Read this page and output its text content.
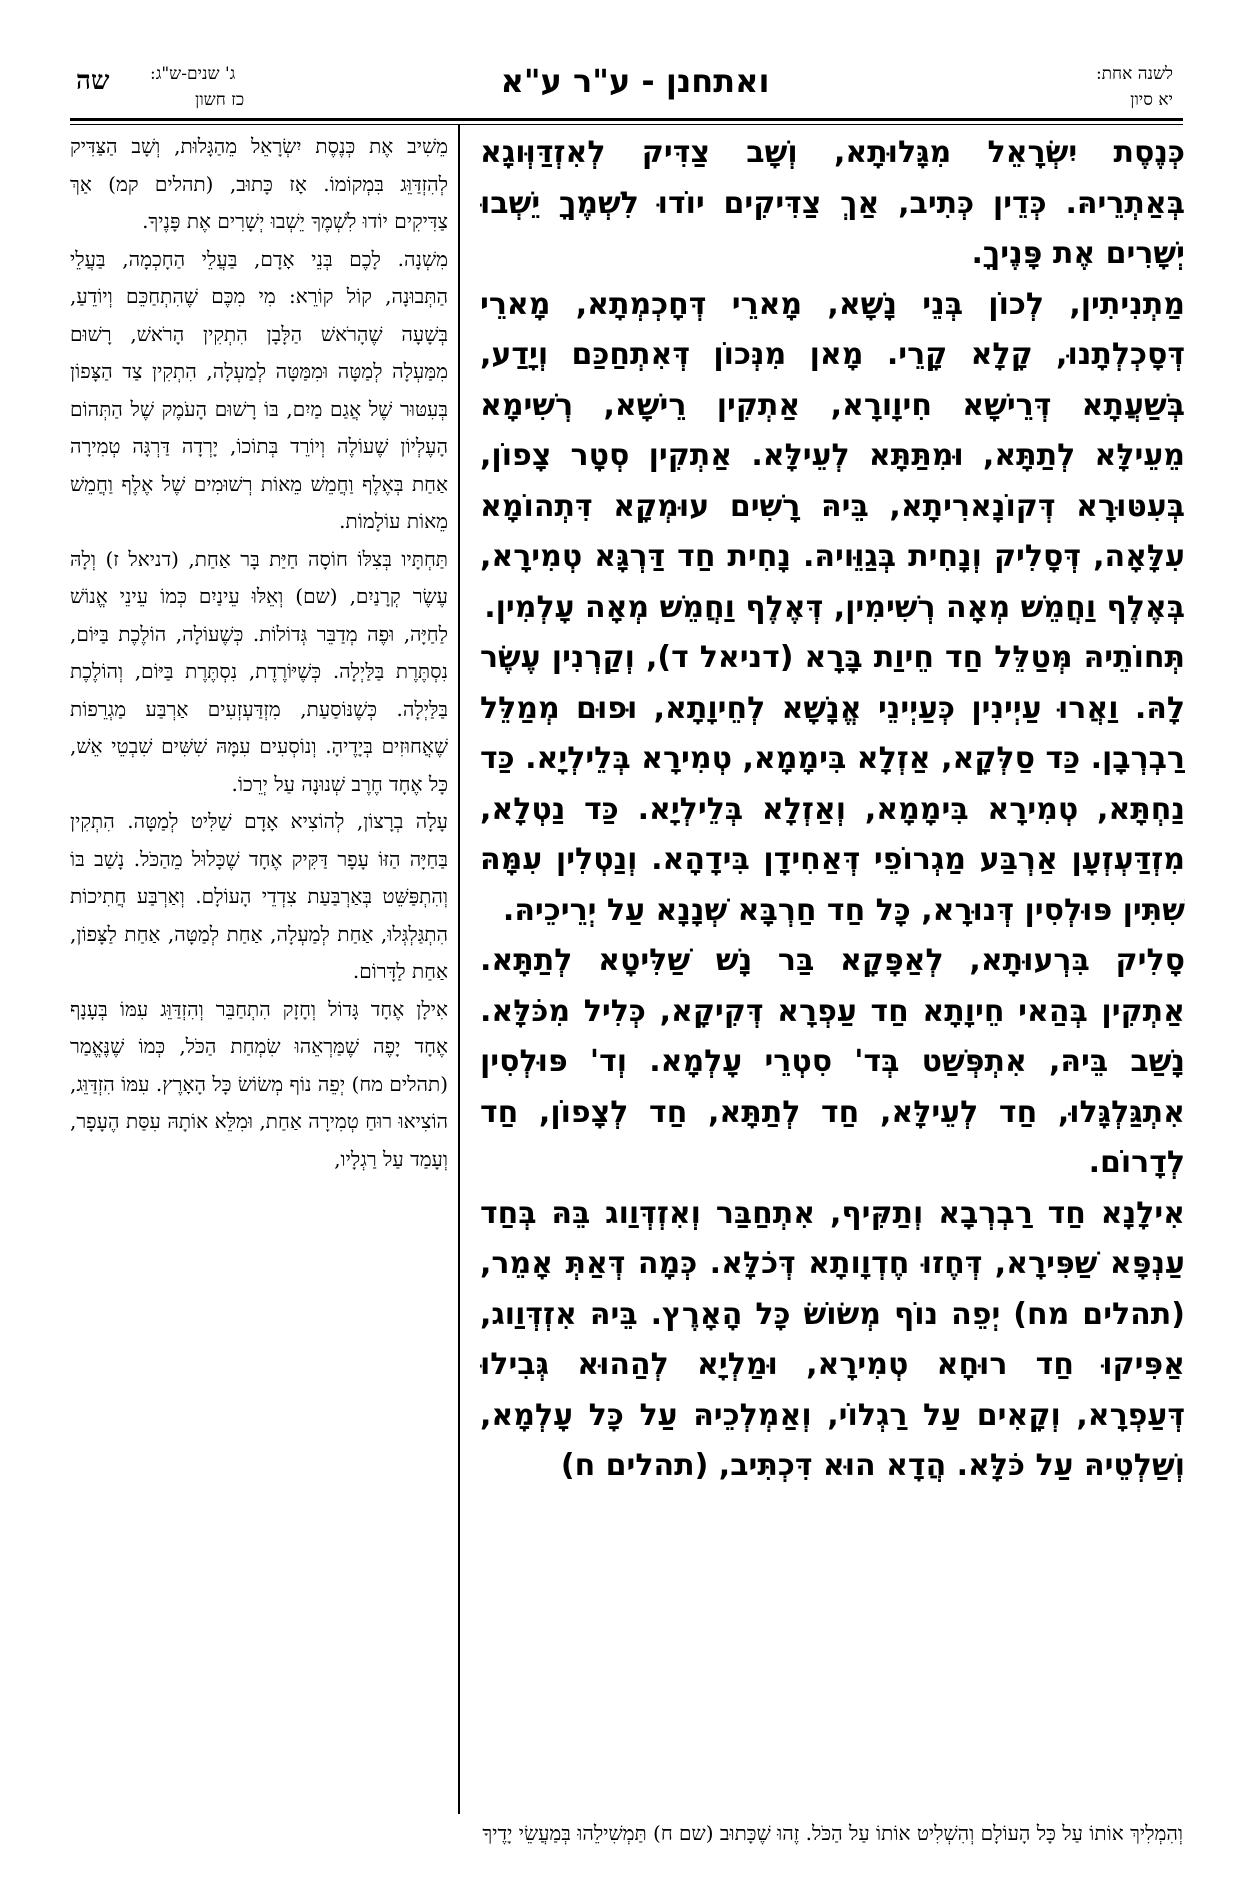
ואתחנן - ע"ר ע"א	לשנה אחת:
יא סיון
ג' שנים-ש"ג:
כז חשון
שה

כְּנֶסֶת יִשְׂרָאֵל מִגָּלוּתָא, וְשָׁב צַדִּיק לְאִזְדַּוְּוגָא בְּאַתְרֵיהּ. כְּדֵין כְּתִיב, אַךְ צַדִּיקִים יוֹדוּ לִשְׁמֶךָ יֵשְׁבוּ יְשָׁרִים אֶת פָּנֶיךָ.

מַתְנִיתִין, לְכוֹן בְּנֵי נָשָׁא, מָארֵי דְּחָכְמְתָא, מָארֵי דְּסָכְלְתָנוּ, קָלָא קָרֵי. מָאן מִנְּכוֹן דְּאִתְחַכַּם וְיָדַע, בְּשַׁעֲתָא דְּרֵישָׁא חִיוָורָא, אַתְקִין רֵישָׁא, רְשִׁימָא מֵעֵילָּא לְתַתָּא, וּמִתַּתָּא לְעֵילָּא. אַתְקִין סְטָר צָפוֹן, בְּעִטּוּרָא דְּקוֹנָארִיתָא, בֵּיהּ רָשִׁים עוּמְקָא דִּתְהוֹמָא עִלָּאָה, דְּסָלִיק וְנָחִית בְּגַוֵּויהּ. נָחִית חַד דַּרְגָּא טְמִירָא, בְּאֶלֶף וַחֲמֵשׁ מְאָה רְשִׁימִין, דְּאֶלֶף וַחֲמֵשׁ מְאָה עָלְמִין.

תְּחוֹתֵיהּ מְּטַלֵּל חַד חֵיוַת בָּרָא (דניאל ד), וְקַרְנִין עֶשֶׂר לָהּ. וַאֲרוּ עַיְינִין כְּעַיְינֵי אֱנָשָׁא לְחֵיוָתָא, וּפוּם מְמַלֵּל רַבְרְבָן. כַּד סַלְּקָא, אַזְלָא בִּימָמָא, טְמִירָא בְּלֵילְיָא. כַּד נַחְתָּא, טְמִירָא בִּימָמָא, וְאַזְלָא בְּלֵילְיָא. כַּד נַטְלָא, מִזְדַּעְזְעָן אַרְבַּע מַגְרוֹפֵי דְּאַחִידָן בִּידָהָא. וְנַטְלִין עִמָּהּ שִׁתִּין פּוּלְסִין דְּנוּרָא, כָּל חַד חַרְבָּא שְׁנָנָא עַל יְרֵיכֵיהּ.

סָלִיק בִּרְעוּתָא, לְאַפָּקָא בַּר נָשׁ שַׁלִּיטָא לְתַתָּא. אַתְקִין בְּהַאי חֵיוָתָא חַד עַפְרָא דְּקִיקָא, כְּלִיל מִכֹּלָּא. נָשַׁב בֵּיהּ, אִתְפְּשַׁט בְּד' סִטְרֵי עָלְמָא. וְד' פּוּלְסִין אִתְגַּלְגָּלוּ, חַד לְעֵילָּא, חַד לְתַתָּא, חַד לְצָפוֹן, חַד לְדָרוֹם.

אִילָנָא חַד רַבְרְבָא וְתַקִּיף, אִתְחַבַּר וְאִזְדְּוַוג בֵּהּ בְּחַד עַנְפָּא שַׁפִּירָא, דְּחֶזוּ חֶדְוָותָא דְּכֹלָּא. כְּמָה דְּאַתְּ אָמֵר, (תהלים מח) יְפֵה נוֹף מְשׂוֹשׂ כָּל הָאָרֶץ. בֵּיהּ אִזְדְּוַוג, אַפִּיקוּ חַד רוּחָא טְמִירָא, וּמַלְיָא לְהַהוּא גְּבִילוּ דְּעַפְרָא, וְקָאִים עַל רַגְלוֹי, וְאַמְלְכֵיהּ עַל כָּל עָלְמָא, וְשַׁלְטֵיהּ עַל כֹּלָּא. הֲדָא הוּא דִּכְתִּיב, (תהלים ח)

מֵשִׁיב אֶת כְּנֶסֶת יִשְׂרָאֵל מֵהַגָּלוּת, וְשָׁב הַצַּדִּיק לְהִזְדַּוֵּג בִּמְקוֹמוֹ. אָז כָּתוּב, (תהלים קמ) אַךְ צַדִּיקִים יוֹדוּ לִשְׁמֶךָ יֵשְׁבוּ יְשָׁרִים אֶת פָּנֶיךָ.

מִשְׁנָה. לָכֶם בְּנֵי אָדָם, בַּעֲלֵי הַחָכְמָה, בַּעֲלֵי הַתְּבוּנָה, קוֹל קוֹרֵא: מִי מִכֶּם שֶׁהִתְחַכֵּם וְיוֹדֵעַ, בְּשָׁעָה שֶׁהָרֹאשׁ הַלָּבָן הִתְקִין הָרֹאשׁ, רָשׁוּם מִמַּעְלָה לְמַטָּה וּמִמַּטָּה לְמַעְלָה, הִתְקִין צַד הַצָּפוֹן בְּעִטּוּר שֶׁל אֲגַם מַיִם, בּוֹ רָשׁוּם הָעֹמֶק שֶׁל הַתְּהוֹם הָעֶלְיוֹן שֶׁעוֹלֶה וְיוֹרֵד בְּתוֹכוֹ, יָרְדָה דַּרְגָּה טְמִירָה אַחַת בְּאֶלֶף וַחֲמֵשׁ מֵאוֹת רְשׁוּמִים שֶׁל אֶלֶף וַחֲמֵשׁ מֵאוֹת עוֹלָמוֹת.

תַּחְתָּיו בְּצִלּוֹ חוֹסָה חַיַּת בָּר אַחַת, (דניאל ז) וְלָהּ עֶשֶׂר קְרָנַיִם, (שם) וְאֵלּוּ עֵינַיִם כְּמוֹ עֵינֵי אֱנוֹשׁ לַחַיָּה, וּפֶה מְדַבֵּר גְּדוֹלוֹת. כְּשֶׁעוֹלָה, הוֹלֶכֶת בַּיּוֹם, נִסְתֶּרֶת בַּלַּיְלָה. כְּשֶׁיּוֹרֶדֶת, נִסְתֶּרֶת בַּיּוֹם, וְהוֹלֶכֶת בַּלַּיְלָה. כְּשֶׁנּוֹסַעַת, מִזְדַּעְזְעִים אַרְבַּע מַגְרֵפוֹת שֶׁאֲחוּזִים בְּיָדֶיהָ. וְנוֹסְעִים עִמָּהּ שִׁשִּׁים שִׁבְטֵי אֵשׁ, כָּל אֶחָד חֶרֶב שְׁנוּנָה עַל יְרֵכוֹ.

עָלָה בְרָצוֹן, לְהוֹצִיא אָדָם שַׁלִּיט לְמַטָּה. הִתְקִין בַּחַיָּה הַזּוֹ עָפָר דַּקִּיק אֶחָד שֶׁכָּלוּל מֵהַכֹּל. נָשַׁב בּוֹ וְהִתְפַּשֵּׁט בְּאַרְבַּעַת צִדְדֵי הָעוֹלָם. וְאַרְבַּע חֲתִיכוֹת הִתְגַּלְגְּלוּ, אַחַת לְמַעְלָה, אַחַת לְמַטָּה, אַחַת לַצָּפוֹן, אַחַת לַדָּרוֹם.

אִילָן אֶחָד גָּדוֹל וְחָזָק הִתְחַבֵּר וְהִזְדַּוֵּג עִמּוֹ בְּעָנָף אֶחָד יָפֶה שֶׁמַּרְאֵהוּ שִׂמְחַת הַכֹּל, כְּמוֹ שֶׁנֶּאֱמַר (תהלים מח) יְפֵה נוֹף מְשׂוֹשׂ כָּל הָאָרֶץ. עִמּוֹ הִזְדַּוֵּג, הוֹצִיאוּ רוּחַ טְמִירָה אַחַת, וּמִלֵּא אוֹתָהּ עִסַּת הֶעָפָר, וְעָמַד עַל רַגְלָיו,

וְהִמְלִיךְ אוֹתוֹ עַל כָּל הָעוֹלָם וְהִשְׁלִיט אוֹתוֹ עַל הַכֹּל. זֶהוּ שֶׁכָּתוּב (שם ח) תַּמְשִׁילֵהוּ בְּמַעֲשֵׂי יָדֶיךָ
